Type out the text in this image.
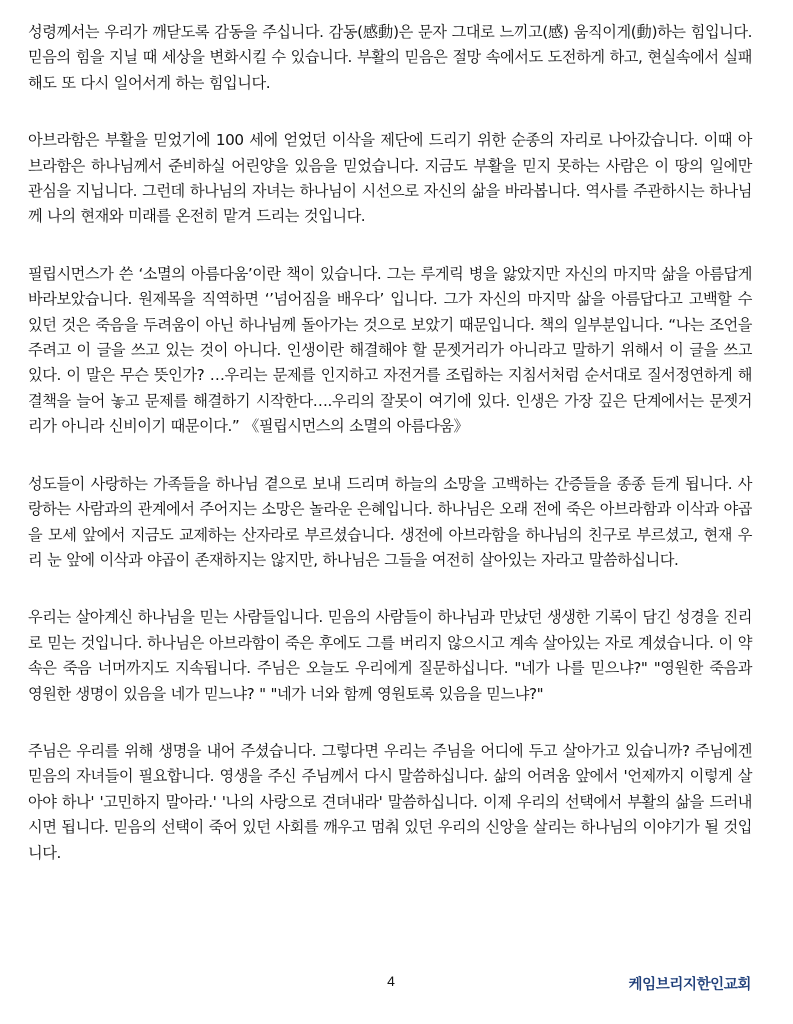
성령께서는 우리가 깨닫도록 감동을 주십니다. 감동(感動)은 문자 그대로 느끼고(感) 움직이게(動)하는 힘입니다. 믿음의 힘을 지닐 때 세상을 변화시킬 수 있습니다. 부활의 믿음은 절망 속에서도 도전하게 하고, 현실속에서 실패해도 또 다시 일어서게 하는 힘입니다.

아브라함은 부활을 믿었기에 100 세에 얻었던 이삭을 제단에 드리기 위한 순종의 자리로 나아갔습니다. 이때 아브라함은 하나님께서 준비하실 어린양을 있음을 믿었습니다. 지금도 부활을 믿지 못하는 사람은 이 땅의 일에만 관심을 지닙니다. 그런데 하나님의 자녀는 하나님이 시선으로 자신의 삶을 바라봅니다. 역사를 주관하시는 하나님께 나의 현재와 미래를 온전히 맡겨 드리는 것입니다.

필립시먼스가 쓴 ‘소멸의 아름다움’이란 책이 있습니다. 그는 루게릭 병을 앓았지만 자신의 마지막 삶을 아름답게 바라보았습니다. 원제목을 직역하면 ‘’넘어짐을 배우다’ 입니다. 그가 자신의 마지막 삶을 아름답다고 고백할 수 있던 것은 죽음을 두려움이 아닌 하나님께 돌아가는 것으로 보았기 때문입니다. 책의 일부분입니다. “나는 조언을 주려고 이 글을 쓰고 있는 것이 아니다. 인생이란 해결해야 할 문젯거리가 아니라고 말하기 위해서 이 글을 쓰고 있다. 이 말은 무슨 뜻인가? …우리는 문제를 인지하고 자전거를 조립하는 지침서처럼 순서대로 질서정연하게 해결책을 늘어 놓고 문제를 해결하기 시작한다….우리의 잘못이 여기에 있다. 인생은 가장 깊은 단계에서는 문젯거리가 아니라 신비이기 때문이다.” 《필립시먼스의 소멸의 아름다움》

성도들이 사랑하는 가족들을 하나님 곁으로 보내 드리며 하늘의 소망을 고백하는 간증들을 종종 듣게 됩니다. 사랑하는 사람과의 관계에서 주어지는 소망은 놀라운 은혜입니다. 하나님은 오래 전에 죽은 아브라함과 이삭과 야곱을 모세 앞에서 지금도 교제하는 산자라로 부르셨습니다. 생전에 아브라함을 하나님의 친구로 부르셨고, 현재 우리 눈 앞에 이삭과 야곱이 존재하지는 않지만, 하나님은 그들을 여전히 살아있는 자라고 말씀하십니다.

우리는 살아계신 하나님을 믿는 사람들입니다. 믿음의 사람들이 하나님과 만났던 생생한 기록이 담긴 성경을 진리로 믿는 것입니다. 하나님은 아브라함이 죽은 후에도 그를 버리지 않으시고 계속 살아있는 자로 계셨습니다. 이 약속은 죽음 너머까지도 지속됩니다. 주님은 오늘도 우리에게 질문하십니다. "네가 나를 믿으냐?" "영원한 죽음과 영원한 생명이 있음을 네가 믿느냐? " "네가 너와 함께 영원토록 있음을 믿느냐?"

주님은 우리를 위해 생명을 내어 주셨습니다. 그렇다면 우리는 주님을 어디에 두고 살아가고 있습니까? 주님에겐 믿음의 자녀들이 필요합니다. 영생을 주신 주님께서 다시 말씀하십니다. 삶의 어려움 앞에서 '언제까지 이렇게 살아야 하나' '고민하지 말아라.' '나의 사랑으로 견뎌내라' 말씀하십니다. 이제 우리의 선택에서 부활의 삶을 드러내시면 됩니다. 믿음의 선택이 죽어 있던 사회를 깨우고 멈춰 있던 우리의 신앙을 살리는 하나님의 이야기가 될 것입니다.

4	케임브리지한인교회
